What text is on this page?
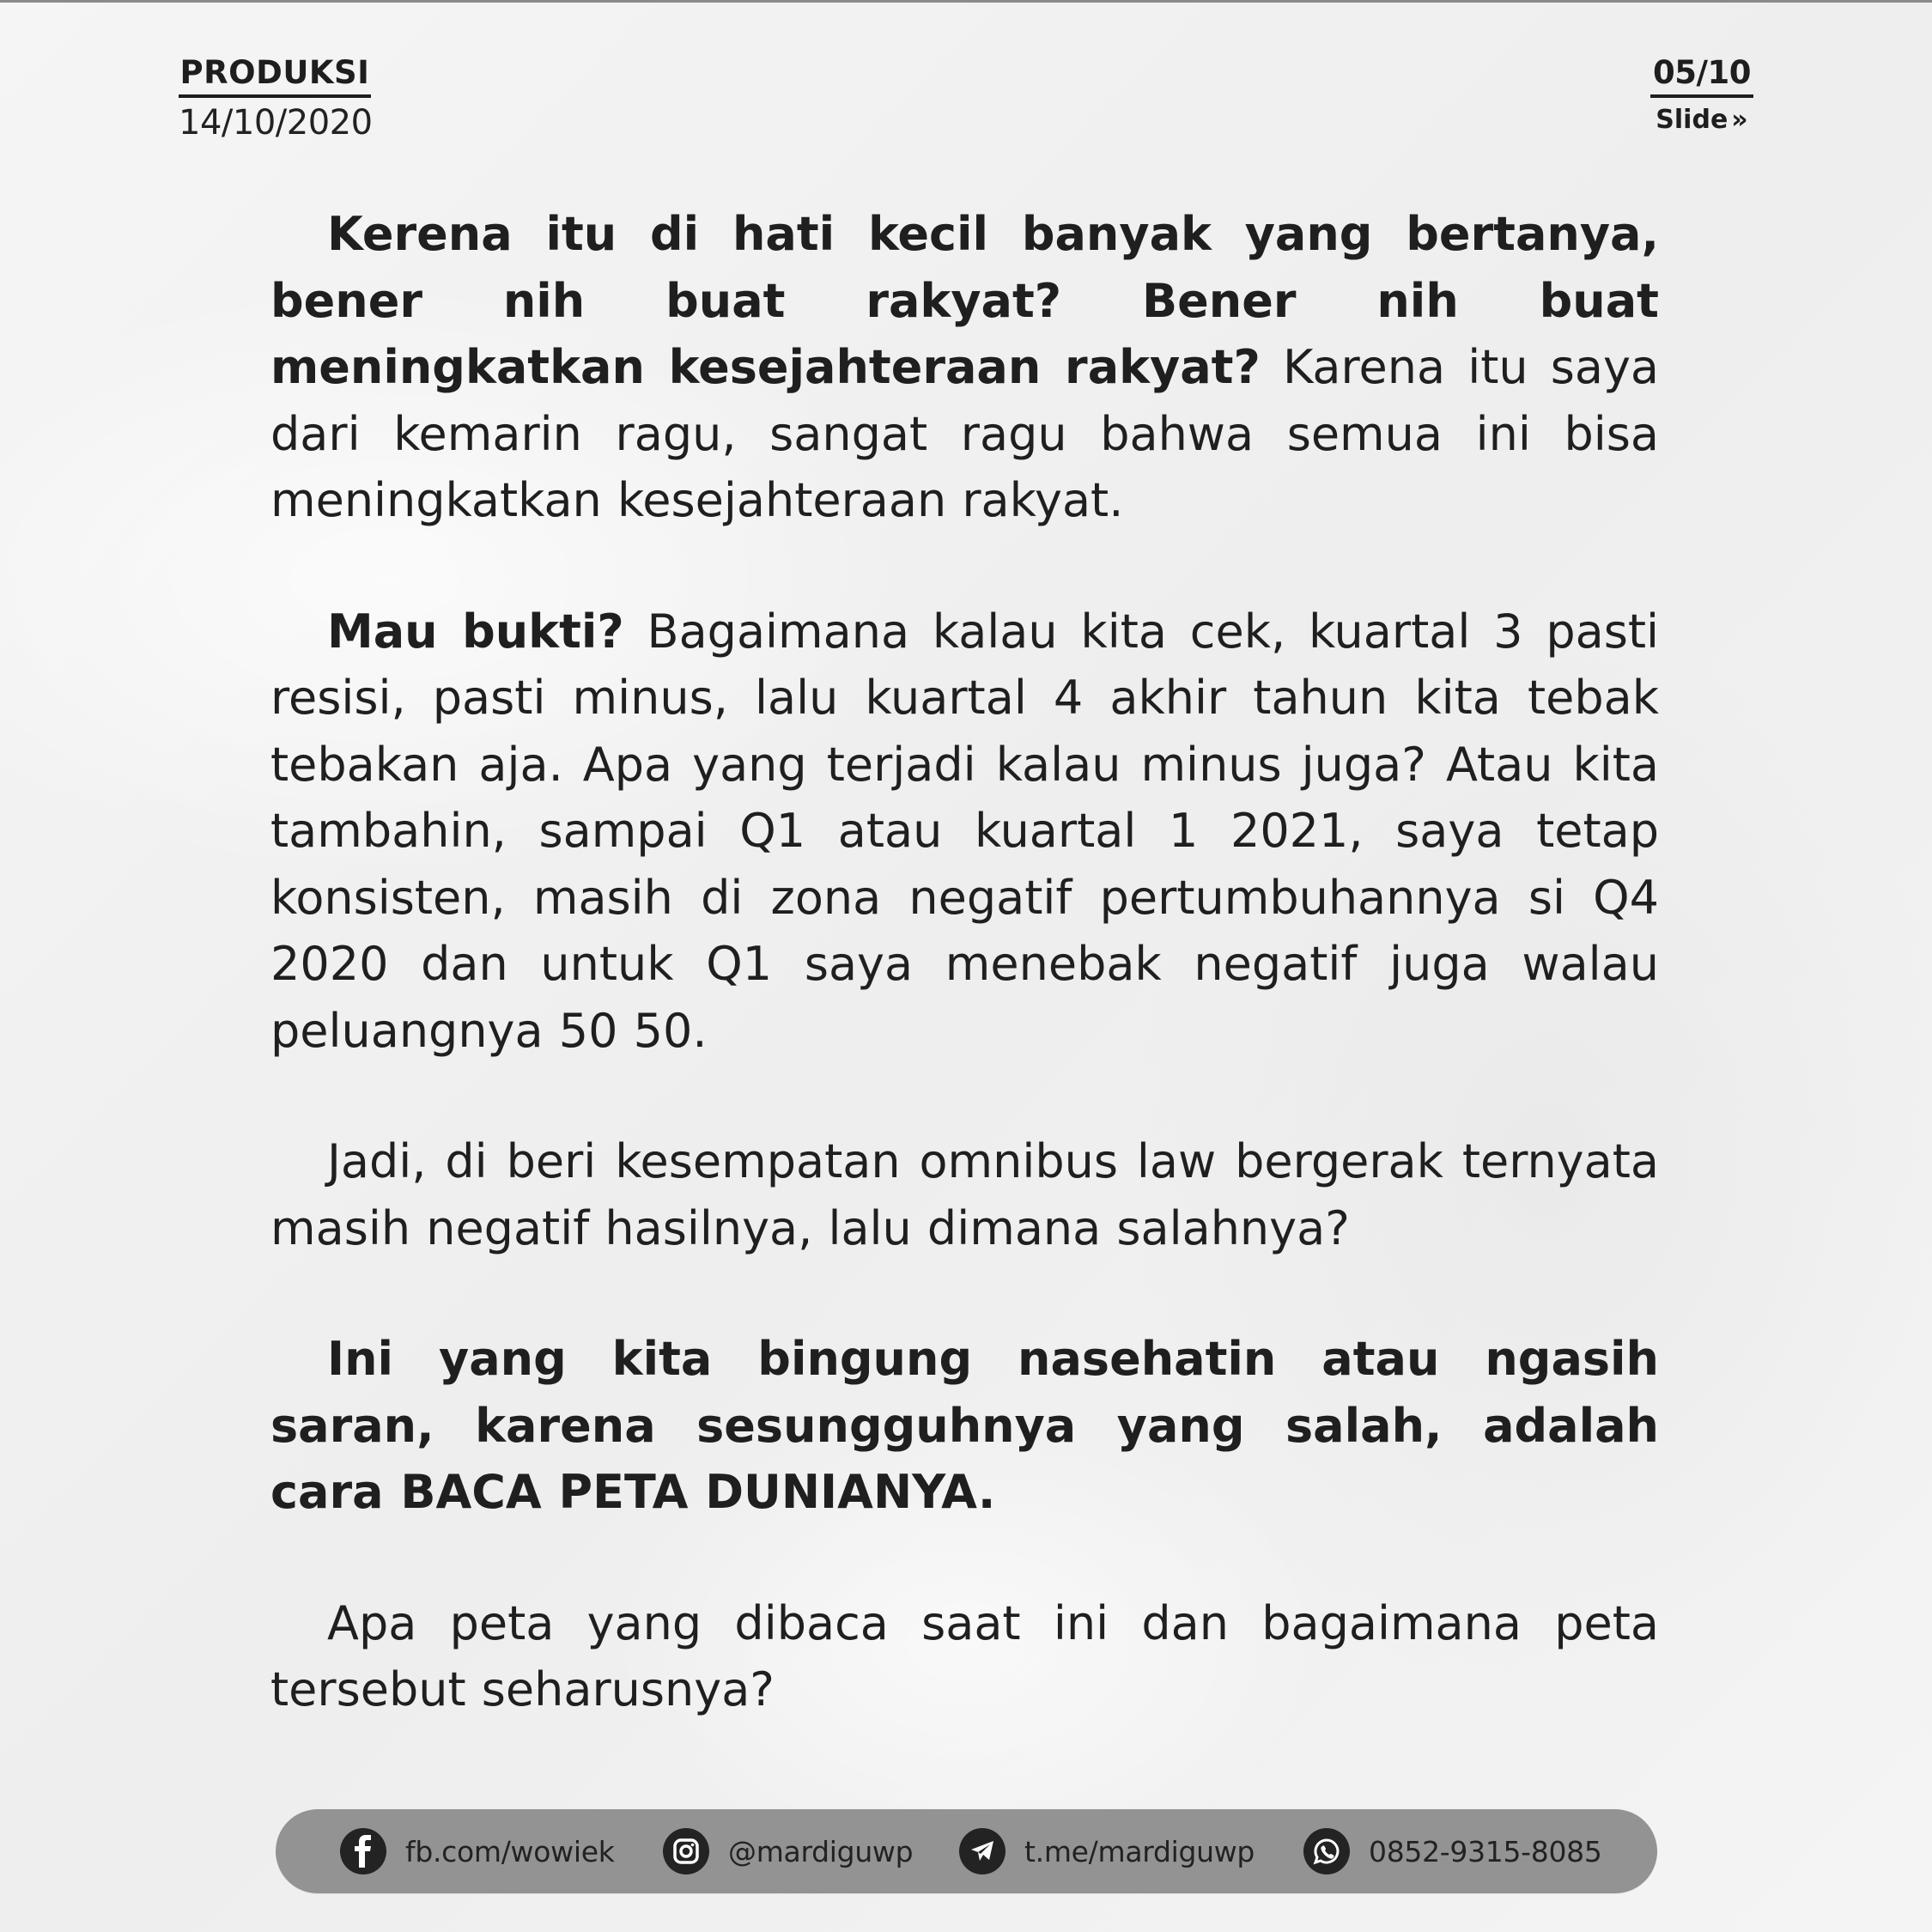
PRODUKSI
14/10/2020
05/10
Slide »

Kerena itu di hati kecil banyak yang bertanya, bener nih buat rakyat? Bener nih buat meningkatkan kesejahteraan rakyat? Karena itu saya dari kemarin ragu, sangat ragu bahwa semua ini bisa meningkatkan kesejahteraan rakyat.

Mau bukti? Bagaimana kalau kita cek, kuartal 3 pasti resisi, pasti minus, lalu kuartal 4 akhir tahun kita tebak tebakan aja. Apa yang terjadi kalau minus juga? Atau kita tambahin, sampai Q1 atau kuartal 1 2021, saya tetap konsisten, masih di zona negatif pertumbuhannya si Q4 2020 dan untuk Q1 saya menebak negatif juga walau peluangnya 50 50.

Jadi, di beri kesempatan omnibus law bergerak ternyata masih negatif hasilnya, lalu dimana salahnya?

Ini yang kita bingung nasehatin atau ngasih saran, karena sesungguhnya yang salah, adalah cara BACA PETA DUNIANYA.

Apa peta yang dibaca saat ini dan bagaimana peta tersebut seharusnya?

fb.com/wowiek	@mardiguwp	t.me/mardiguwp	0852-9315-8085
